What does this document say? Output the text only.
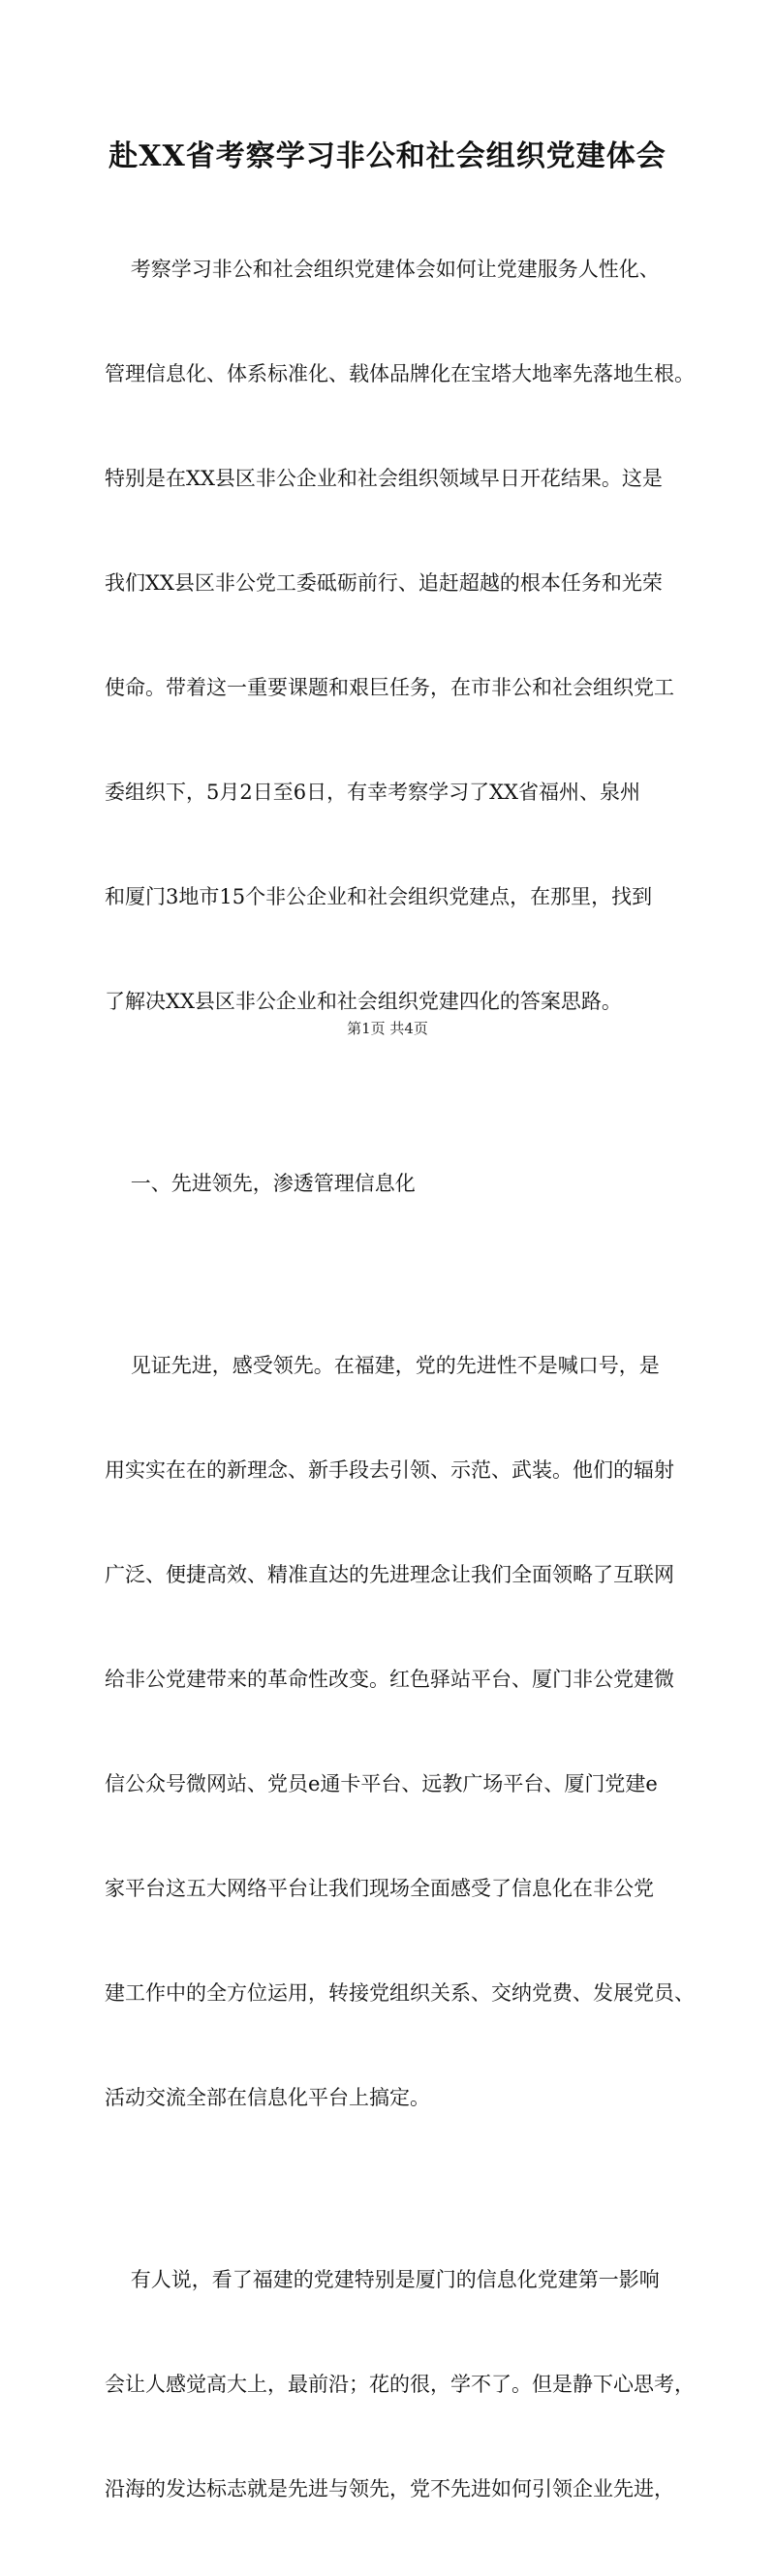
赴XX省考察学习非公和社会组织党建体会

考察学习非公和社会组织党建体会如何让党建服务人性化、

管理信息化、体系标准化、载体品牌化在宝塔大地率先落地生根。

特别是在XX县区非公企业和社会组织领域早日开花结果。这是

我们XX县区非公党工委砥砺前行、追赶超越的根本任务和光荣

使命。带着这一重要课题和艰巨任务，在市非公和社会组织党工

委组织下，5月2日至6日，有幸考察学习了XX省福州、泉州

和厦门3地市15个非公企业和社会组织党建点，在那里，找到

了解决XX县区非公企业和社会组织党建四化的答案思路。

一、先进领先，渗透管理信息化

见证先进，感受领先。在福建，党的先进性不是喊口号，是

用实实在在的新理念、新手段去引领、示范、武装。他们的辐射

广泛、便捷高效、精准直达的先进理念让我们全面领略了互联网

给非公党建带来的革命性改变。红色驿站平台、厦门非公党建微

信公众号微网站、党员e通卡平台、远教广场平台、厦门党建e

家平台这五大网络平台让我们现场全面感受了信息化在非公党

建工作中的全方位运用，转接党组织关系、交纳党费、发展党员、

活动交流全部在信息化平台上搞定。

有人说，看了福建的党建特别是厦门的信息化党建第一影响

会让人感觉高大上，最前沿；花的很，学不了。但是静下心思考，

沿海的发达标志就是先进与领先，党不先进如何引领企业先进，

第1页 共4页
